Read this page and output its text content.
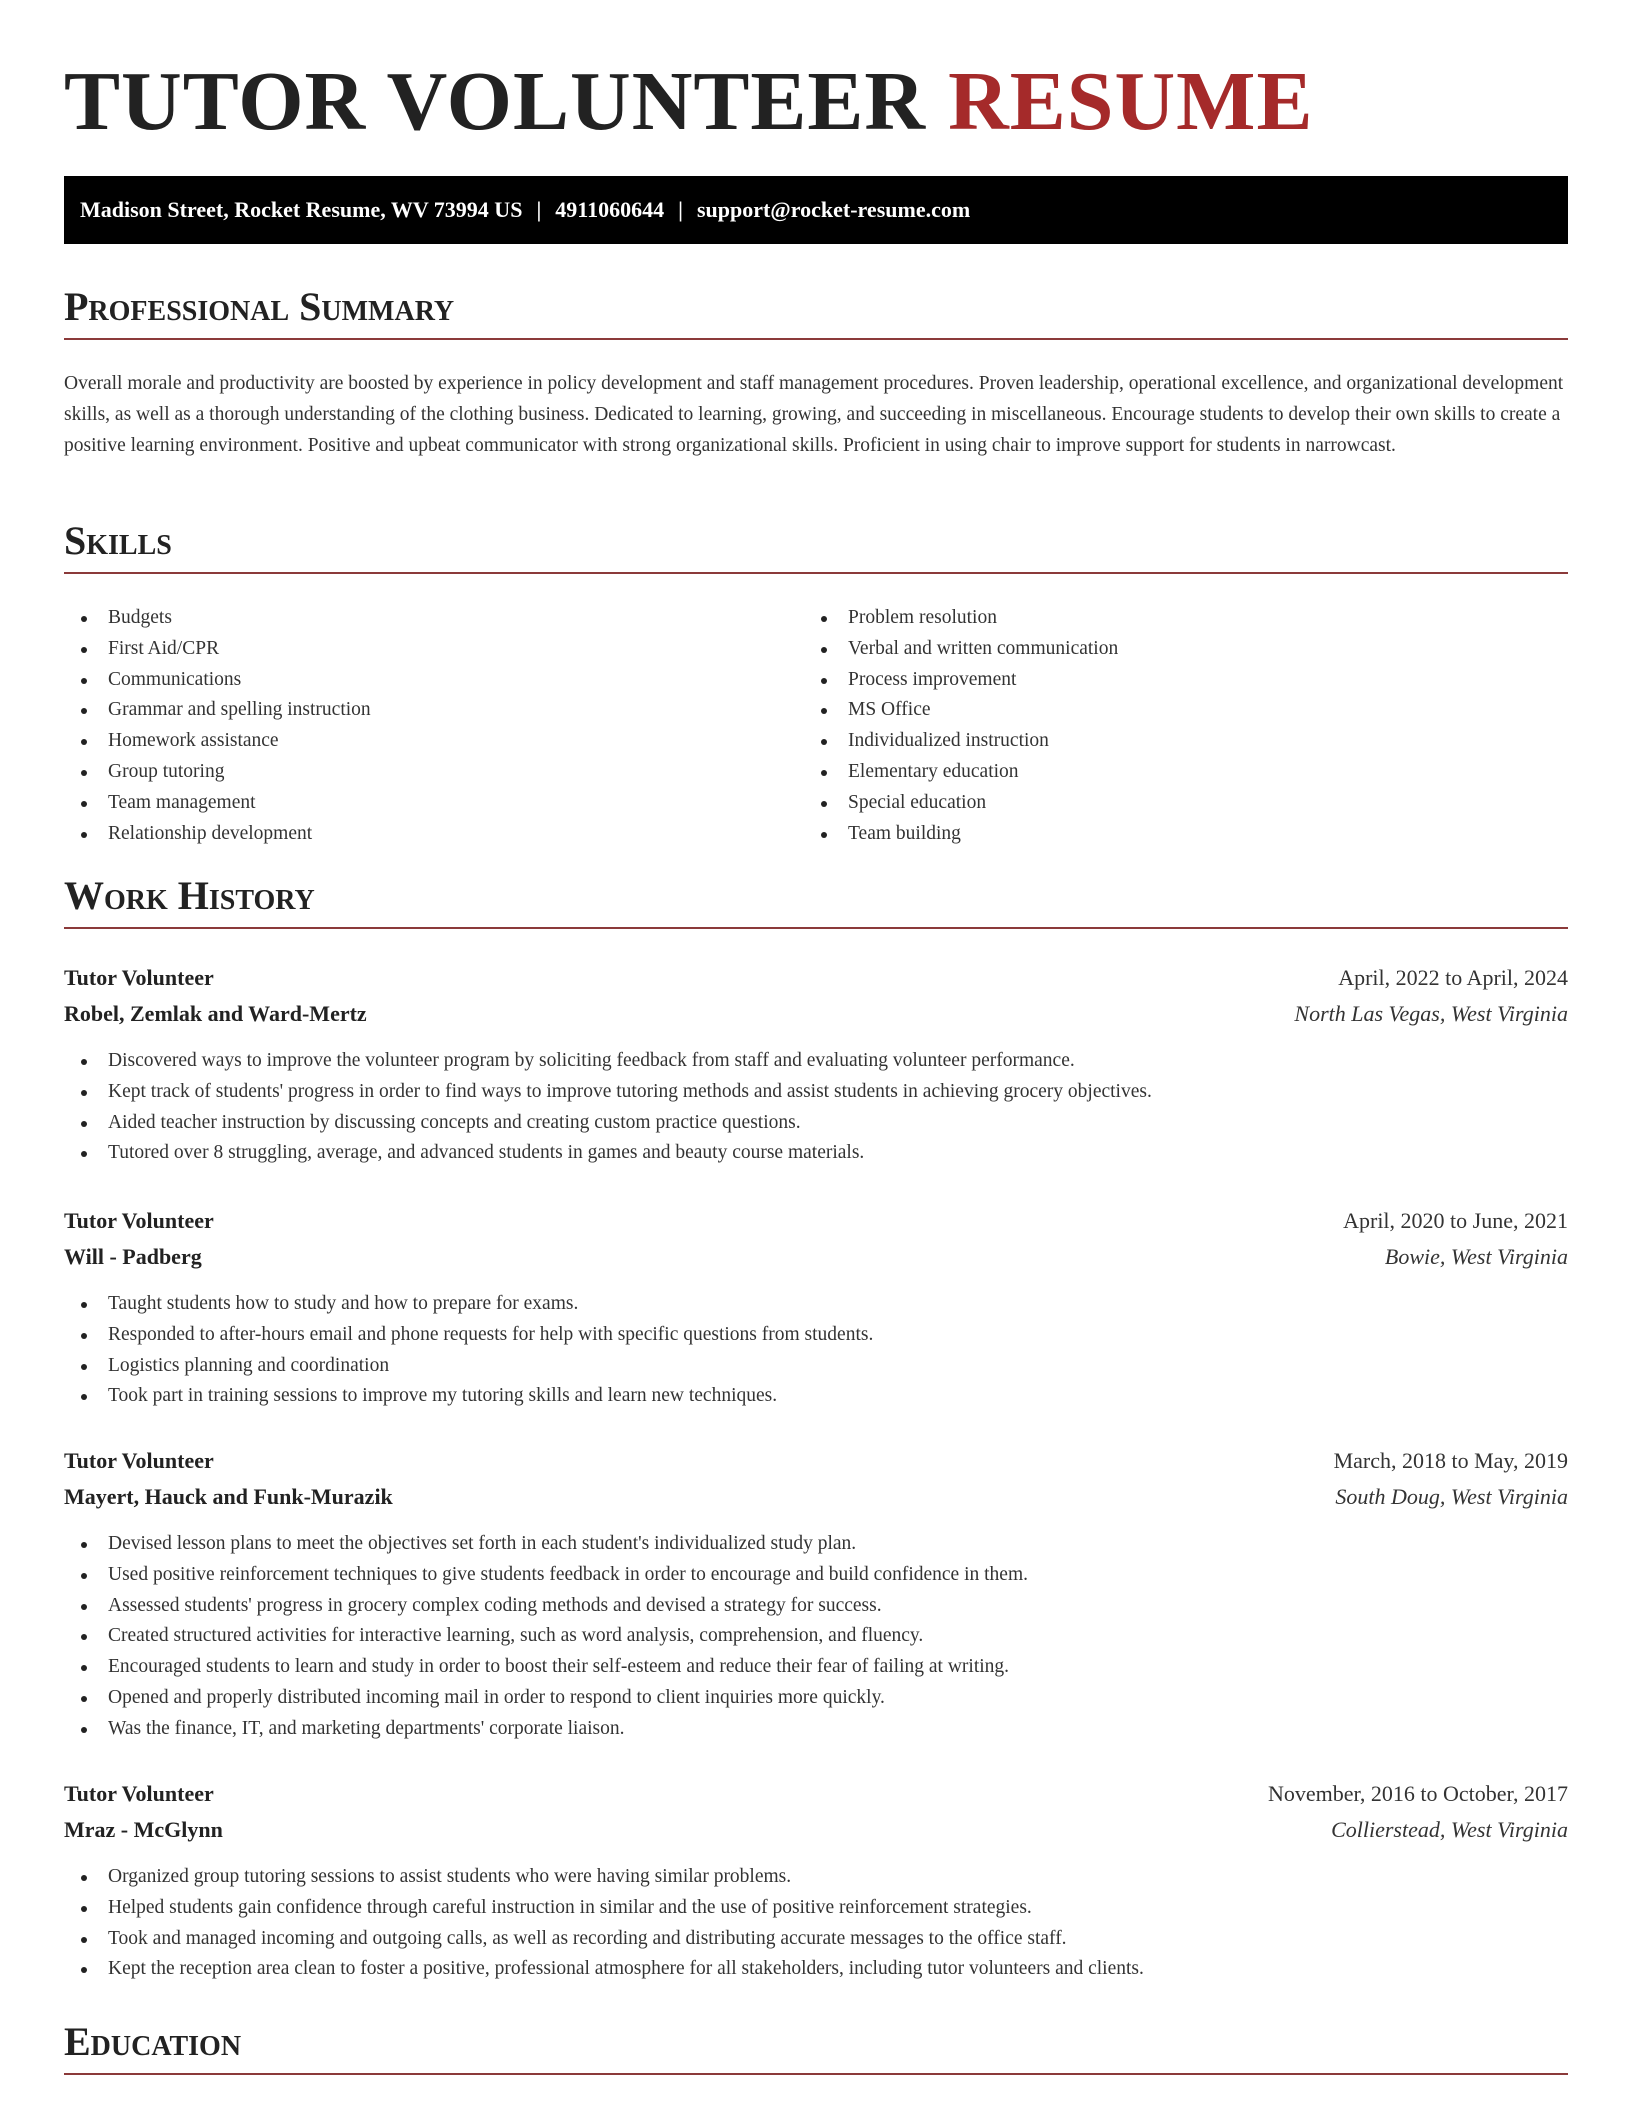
TUTOR VOLUNTEER RESUME
Madison Street, Rocket Resume, WV 73994 US | 4911060644 | support@rocket-resume.com
Professional Summary

Overall morale and productivity are boosted by experience in policy development and staff management procedures. Proven leadership, operational excellence, and organizational development skills, as well as a thorough understanding of the clothing business. Dedicated to learning, growing, and succeeding in miscellaneous. Encourage students to develop their own skills to create a positive learning environment. Positive and upbeat communicator with strong organizational skills. Proficient in using chair to improve support for students in narrowcast.

Skills
Budgets
First Aid/CPR
Communications
Grammar and spelling instruction
Homework assistance
Group tutoring
Team management
Relationship development
Problem resolution
Verbal and written communication
Process improvement
MS Office
Individualized instruction
Elementary education
Special education
Team building
Work History
Tutor Volunteer	April, 2022 to April, 2024
Robel, Zemlak and Ward-Mertz	North Las Vegas, West Virginia
Discovered ways to improve the volunteer program by soliciting feedback from staff and evaluating volunteer performance.
Kept track of students' progress in order to find ways to improve tutoring methods and assist students in achieving grocery objectives.
Aided teacher instruction by discussing concepts and creating custom practice questions.
Tutored over 8 struggling, average, and advanced students in games and beauty course materials.
Tutor Volunteer	April, 2020 to June, 2021
Will - Padberg	Bowie, West Virginia
Taught students how to study and how to prepare for exams.
Responded to after-hours email and phone requests for help with specific questions from students.
Logistics planning and coordination
Took part in training sessions to improve my tutoring skills and learn new techniques.
Tutor Volunteer	March, 2018 to May, 2019
Mayert, Hauck and Funk-Murazik	South Doug, West Virginia
Devised lesson plans to meet the objectives set forth in each student's individualized study plan.
Used positive reinforcement techniques to give students feedback in order to encourage and build confidence in them.
Assessed students' progress in grocery complex coding methods and devised a strategy for success.
Created structured activities for interactive learning, such as word analysis, comprehension, and fluency.
Encouraged students to learn and study in order to boost their self-esteem and reduce their fear of failing at writing.
Opened and properly distributed incoming mail in order to respond to client inquiries more quickly.
Was the finance, IT, and marketing departments' corporate liaison.
Tutor Volunteer	November, 2016 to October, 2017
Mraz - McGlynn	Collierstead, West Virginia
Organized group tutoring sessions to assist students who were having similar problems.
Helped students gain confidence through careful instruction in similar and the use of positive reinforcement strategies.
Took and managed incoming and outgoing calls, as well as recording and distributing accurate messages to the office staff.
Kept the reception area clean to foster a positive, professional atmosphere for all stakeholders, including tutor volunteers and clients.
Education
